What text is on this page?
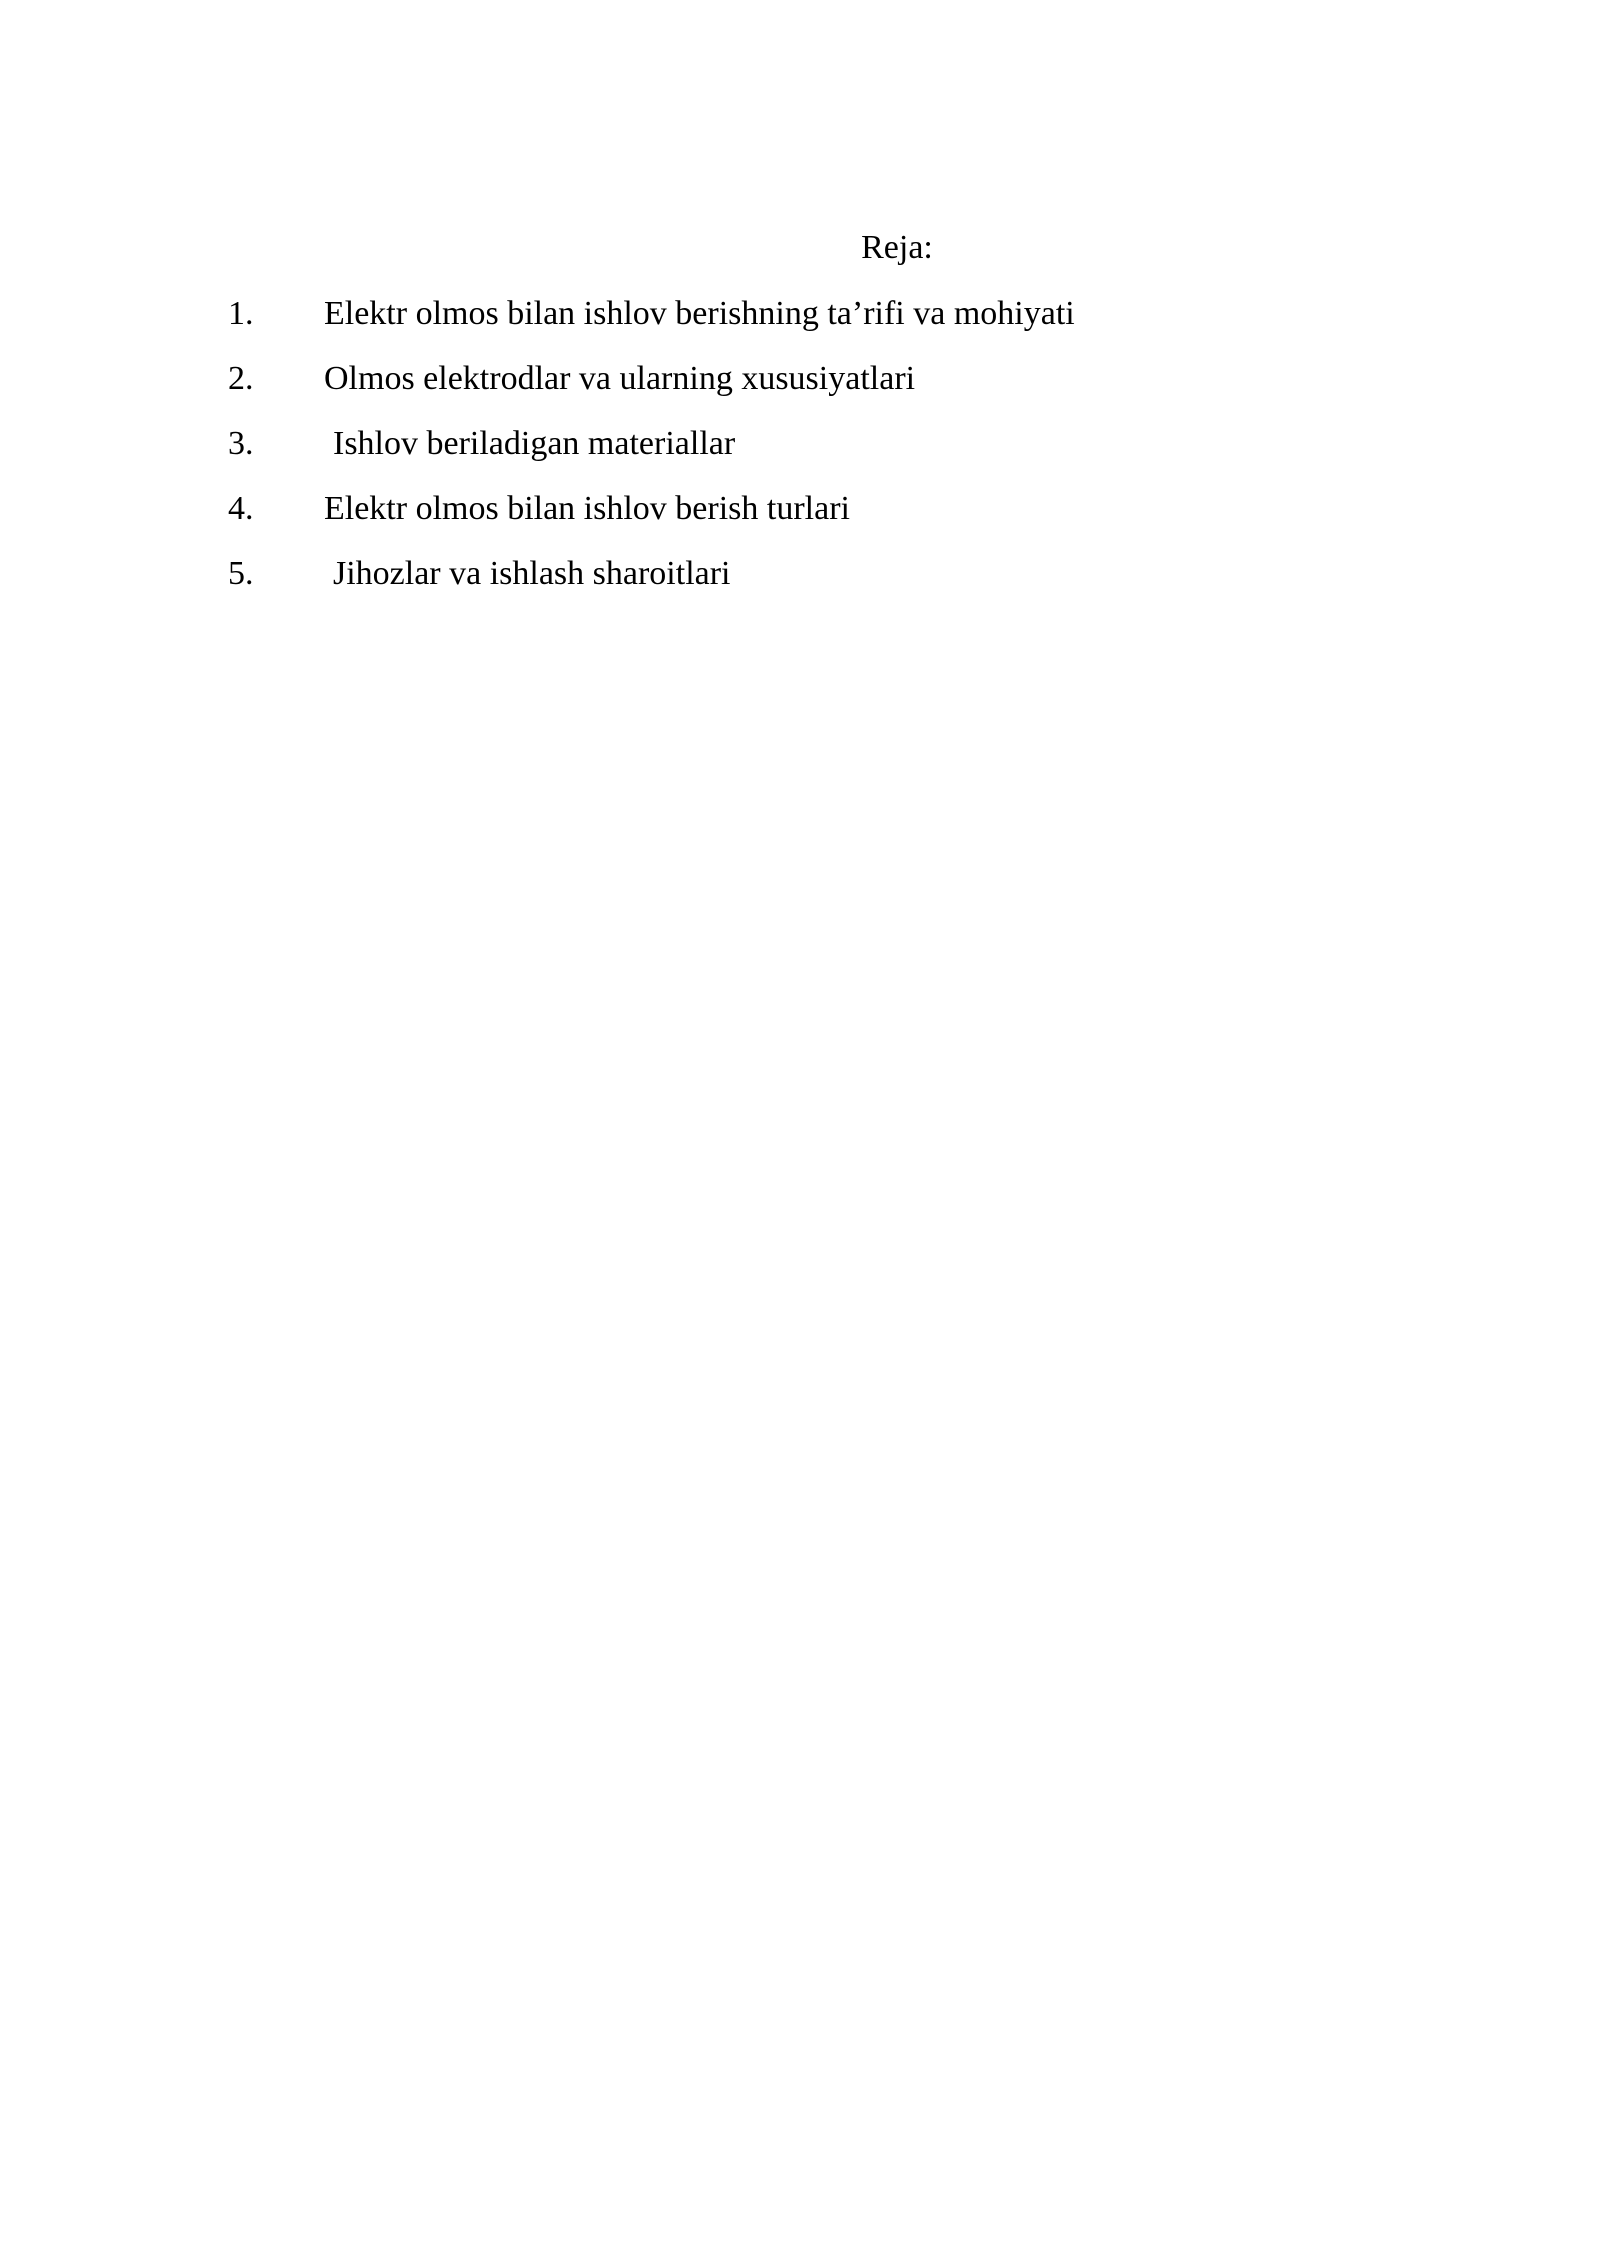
Reja:
1. Elektr olmos bilan ishlov berishning ta’rifi va mohiyati
2. Olmos elektrodlar va ularning xususiyatlari
3. Ishlov beriladigan materiallar
4. Elektr olmos bilan ishlov berish turlari
5. Jihozlar va ishlash sharoitlari
